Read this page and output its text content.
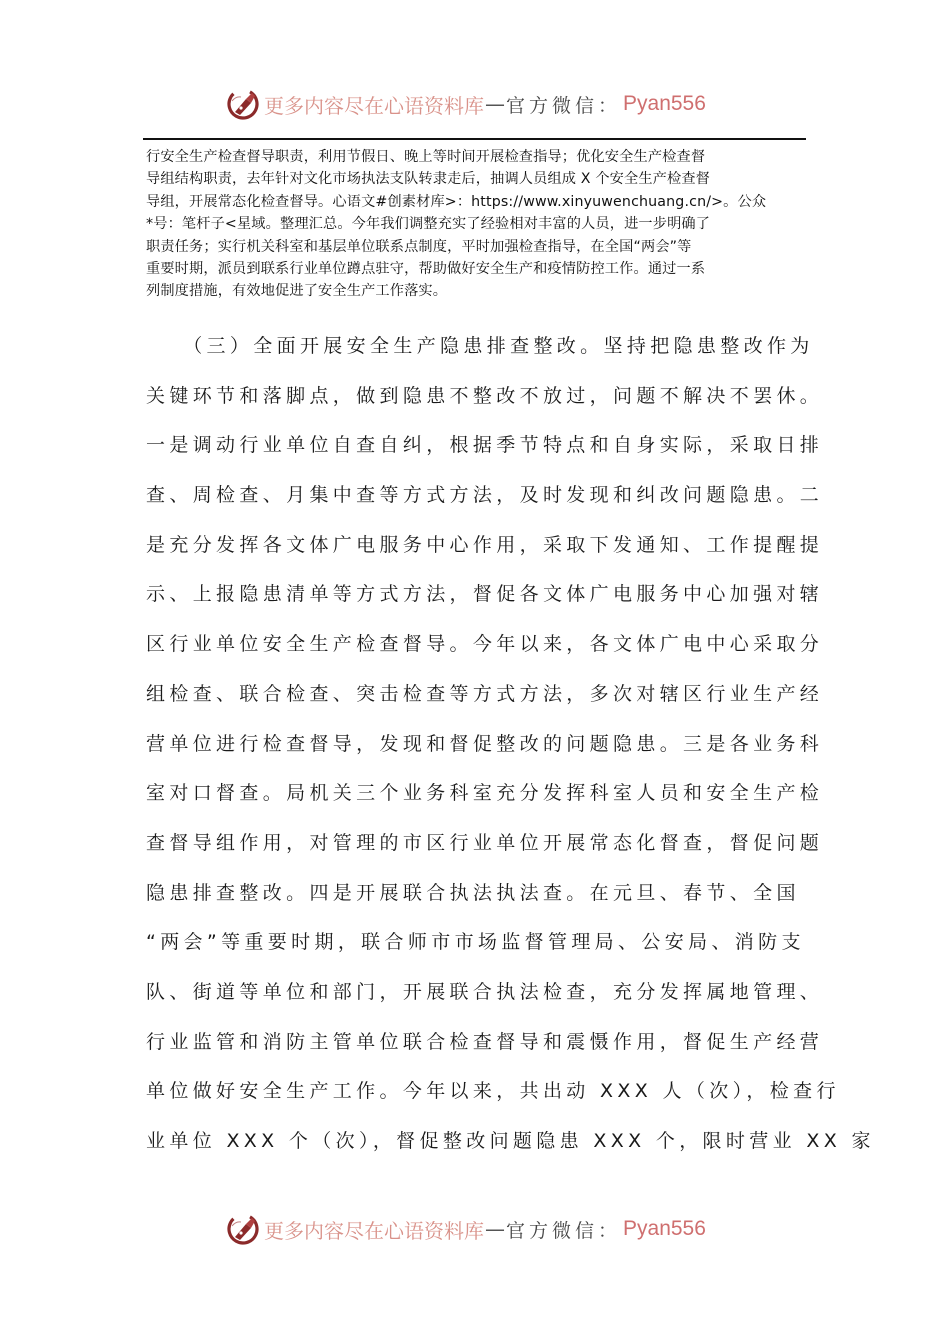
更多内容尽在心语资料库 — 官方微信： Pyan556
行安全生产检查督导职责，利用节假日、晚上等时间开展检查指导；优化安全生产检查督
导组结构职责，去年针对文化市场执法支队转隶走后，抽调人员组成 X 个安全生产检查督
导组，开展常态化检查督导。心语文#创素材库>：https://www.xinyuwenchuang.cn/>。公众
*号：笔杆子<星域。整理汇总。今年我们调整充实了经验相对丰富的人员，进一步明确了
职责任务；实行机关科室和基层单位联系点制度，平时加强检查指导，在全国“两会”等
重要时期，派员到联系行业单位蹲点驻守，帮助做好安全生产和疫情防控工作。通过一系
列制度措施，有效地促进了安全生产工作落实。
　　（三）全面开展安全生产隐患排查整改。坚持把隐患整改作为
关键环节和落脚点，做到隐患不整改不放过，问题不解决不罢休。
一是调动行业单位自查自纠，根据季节特点和自身实际，采取日排
查、周检查、月集中查等方式方法，及时发现和纠改问题隐患。二
是充分发挥各文体广电服务中心作用，采取下发通知、工作提醒提
示、上报隐患清单等方式方法，督促各文体广电服务中心加强对辖
区行业单位安全生产检查督导。今年以来，各文体广电中心采取分
组检查、联合检查、突击检查等方式方法，多次对辖区行业生产经
营单位进行检查督导，发现和督促整改的问题隐患。三是各业务科
室对口督查。局机关三个业务科室充分发挥科室人员和安全生产检
查督导组作用，对管理的市区行业单位开展常态化督查，督促问题
隐患排查整改。四是开展联合执法执法查。在元旦、春节、全国
“两会”等重要时期，联合师市市场监督管理局、公安局、消防支
队、街道等单位和部门，开展联合执法检查，充分发挥属地管理、
行业监管和消防主管单位联合检查督导和震慑作用，督促生产经营
单位做好安全生产工作。今年以来，共出动 XXX 人（次），检查行
业单位 XXX 个（次），督促整改问题隐患 XXX 个，限时营业 XX 家
更多内容尽在心语资料库 — 官方微信： Pyan556
